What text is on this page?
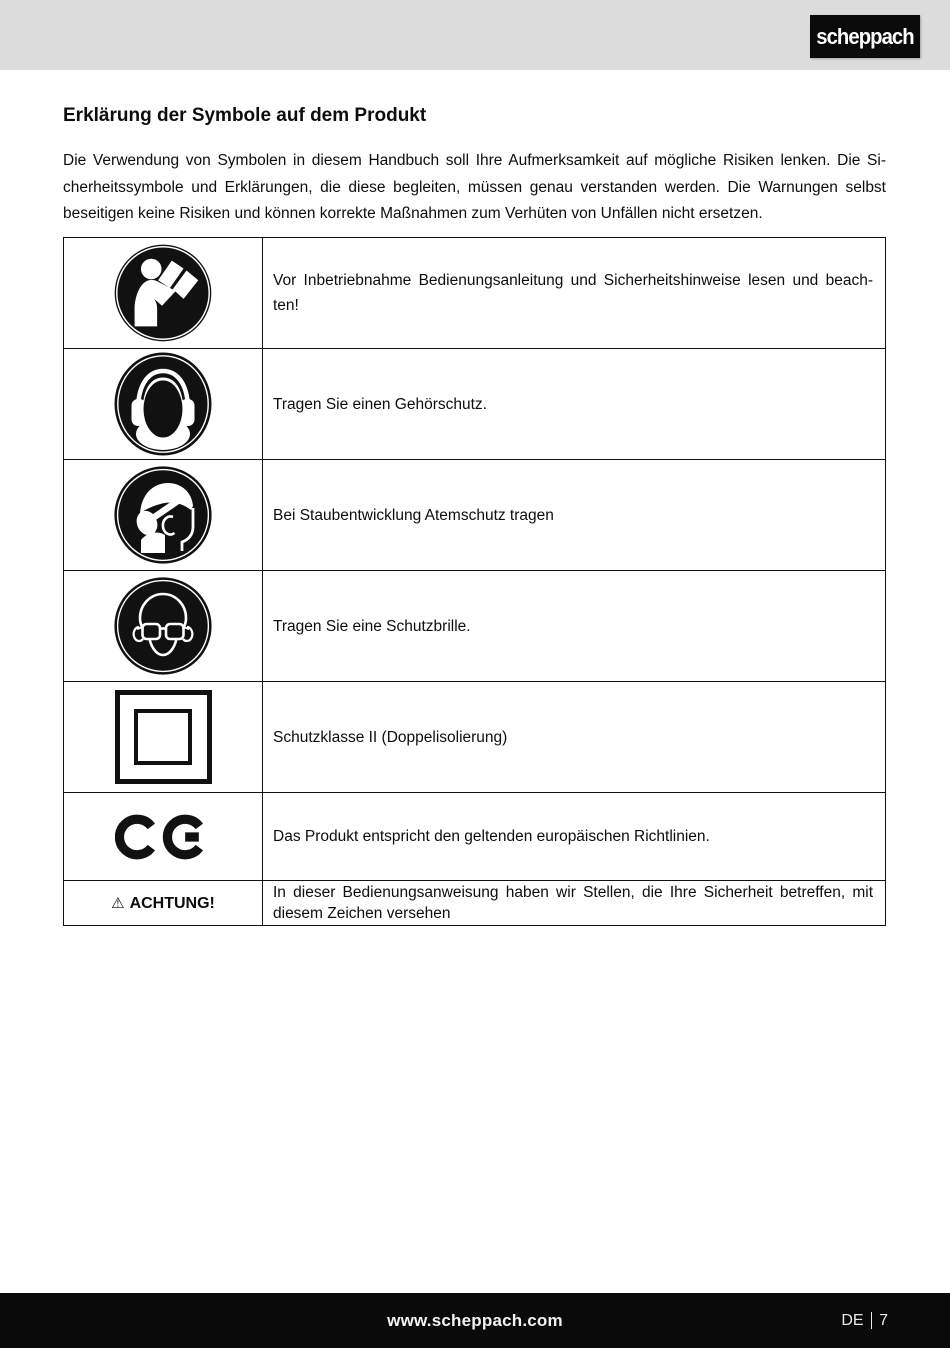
scheppach
Erklärung der Symbole auf dem Produkt
Die Verwendung von Symbolen in diesem Handbuch soll Ihre Aufmerksamkeit auf mögliche Risiken lenken. Die Si-
cherheitssymbole und Erklärungen, die diese begleiten, müssen genau verstanden werden. Die Warnungen selbst
beseitigen keine Risiken und können korrekte Maßnahmen zum Verhüten von Unfällen nicht ersetzen.
Vor Inbetriebnahme Bedienungsanleitung und Sicherheitshinweise lesen und beach-
ten!
Tragen Sie einen Gehörschutz.
Bei Staubentwicklung Atemschutz tragen
Tragen Sie eine Schutzbrille.
Schutzklasse II (Doppelisolierung)
Das Produkt entspricht den geltenden europäischen Richtlinien.
⚠ ACHTUNG!
In dieser Bedienungsanweisung haben wir Stellen, die Ihre Sicherheit betreffen, mit
diesem Zeichen versehen
www.scheppach.com	DE 7
